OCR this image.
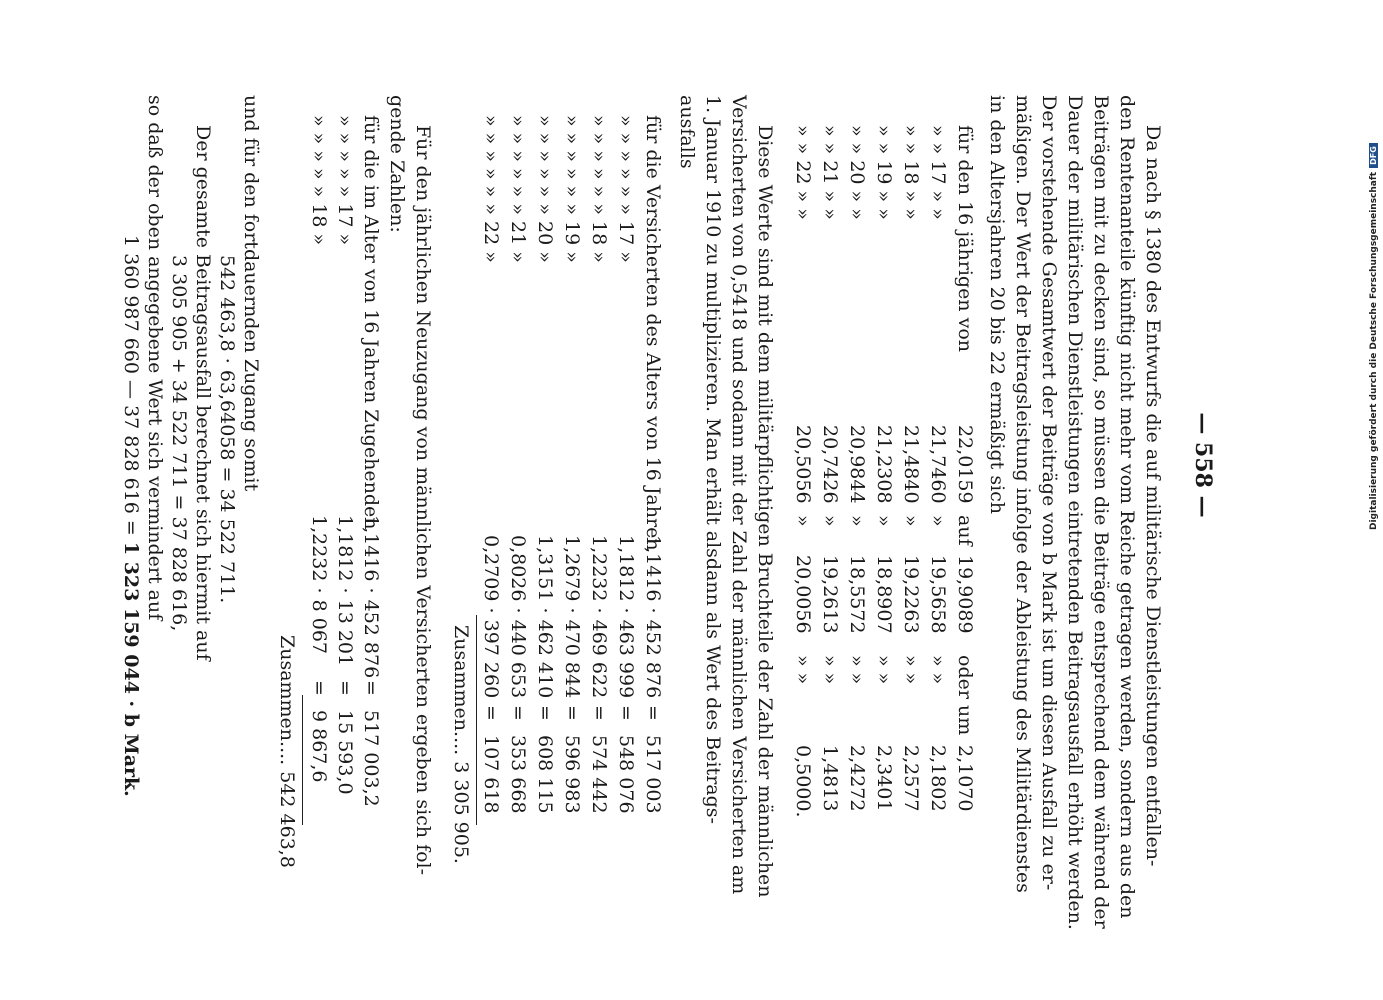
Digitalisierung gefördert durch die Deutsche Forschungsgemeinschaft
DFG
— 558 —
Da nach § 1380 des Entwurfs die auf militärische Dienstleistungen entfallen-
den Rentenanteile künftig nicht mehr vom Reiche getragen werden, sondern aus den
Beiträgen mit zu decken sind, so müssen die Beiträge entsprechend dem während der
Dauer der militärischen Dienstleistungen eintretenden Beitragsausfall erhöht werden.
Der vorstehende Gesamtwert der Beiträge von b Mark ist um diesen Ausfall zu er-
mäßigen. Der Wert der Beitragsleistung infolge der Ableistung des Militärdienstes
in den Altersjahren 20 bis 22 ermäßigt sich
Diese Werte sind mit dem militärpflichtigen Bruchteile der Zahl der männlichen
Versicherten von 0,5418 und sodann mit der Zahl der männlichen Versicherten am
1. Januar 1910 zu multiplizieren. Man erhält alsdann als Wert des Beitrags-
ausfalls
Zusammen.... 3 305 905.
Für den jährlichen Neuzugang von männlichen Versicherten ergeben sich fol-
gende Zahlen:
Zusammen.... 542 463,8
und für den fortdauernden Zugang somit
542 463,8 · 63,64058 = 34 522 711.
Der gesamte Beitragsausfall berechnet sich hiermit auf
3 305 905 + 34 522 711 = 37 828 616,
so daß der oben angegebene Wert sich vermindert auf
1 360 987 660 — 37 828 616 = 1 323 159 044 · b Mark.
für den 16 jährigen von
22,0159
auf
19,9089
oder um
2,1070
» » 17 » »
21,7460
»
19,5658
» »
2,1802
» » 18 » »
21,4840
»
19,2263
» »
2,2577
» » 19 » »
21,2308
»
18,8907
» »
2,3401
» » 20 » »
20,9844
»
18,5572
» »
2,4272
» » 21 » »
20,7426
»
19,2613
» »
1,4813
» » 22 » »
20,5056
»
20,0056
» »
0,5000.
für die Versicherten des Alters von 16 Jahren
1,1416 · 452 876
=
517 003
» » » » » » 17 »
1,1812 · 463 999
=
548 076
» » » » » » 18 »
1,2232 · 469 622
=
574 442
» » » » » » 19 »
1,2679 · 470 844
=
596 983
» » » » » » 20 »
1,3151 · 462 410
=
608 115
» » » » » » 21 »
0,8026 · 440 653
=
353 668
» » » » » » 22 »
0,2709 · 397 260
=
107 618
für die im Alter von 16 Jahren Zugehenden
1,1416 · 452 876
=
517 003,2
» » » » » 17 »
1,1812 · 13 201
=
15 593,0
» » » » » 18 »
1,2232 · 8 067
=
9 867,6
